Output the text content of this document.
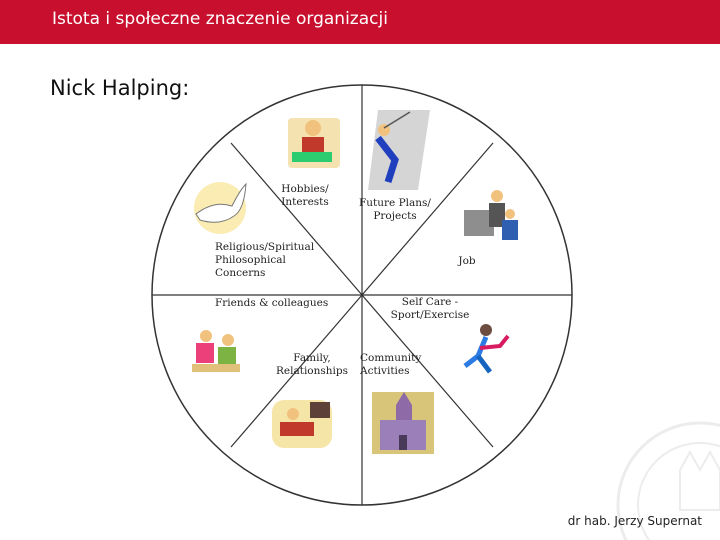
Istota i społeczne znaczenie organizacji
Nick Halping:
Hobbies/ Interests	Future Plans/ Projects
Job
Self Care -Sport/Exercise
Community Activities
Family, Relationships
Friends & colleagues
Religious/Spiritual Philosophical Concerns
dr hab. Jerzy Supernat
